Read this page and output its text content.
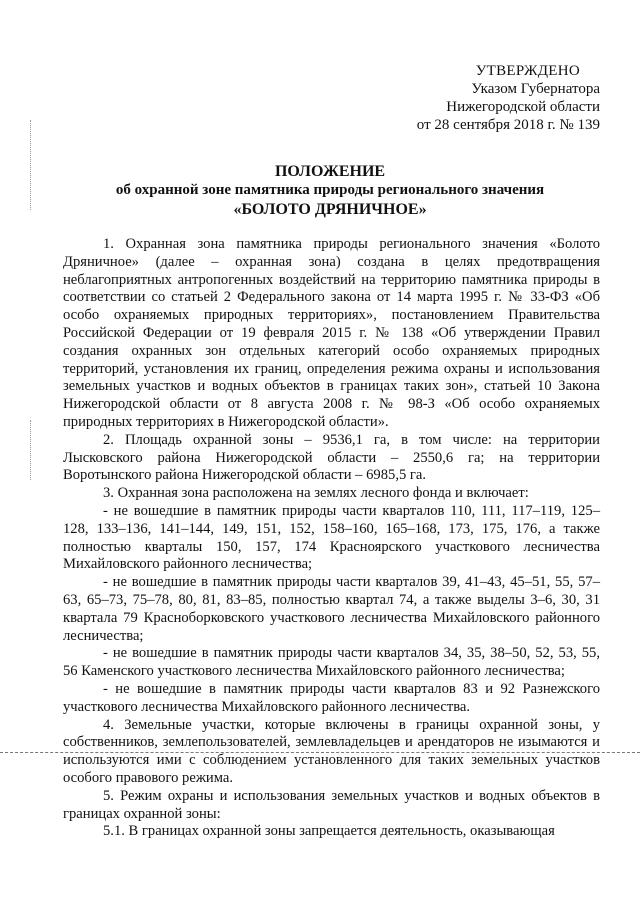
УТВЕРЖДЕНО
Указом Губернатора
Нижегородской области
от 28 сентября 2018 г. № 139
ПОЛОЖЕНИЕ
об охранной зоне памятника природы регионального значения
«БОЛОТО ДРЯНИЧНОЕ»

1. Охранная зона памятника природы регионального значения «Болото Дряничное» (далее – охранная зона) создана в целях предотвращения неблагоприятных антропогенных воздействий на территорию памятника природы в соответствии со статьей 2 Федерального закона от 14 марта 1995 г. № 33-ФЗ «Об особо охраняемых природных территориях», постановлением Правительства Российской Федерации от 19 февраля 2015 г. № 138 «Об утверждении Правил создания охранных зон отдельных категорий особо охраняемых природных территорий, установления их границ, определения режима охраны и использования земельных участков и водных объектов в границах таких зон», статьей 10 Закона Нижегородской области от 8 августа 2008 г. № 98-З «Об особо охраняемых природных территориях в Нижегородской области».

2. Площадь охранной зоны – 9536,1 га, в том числе: на территории Лысковского района Нижегородской области – 2550,6 га; на территории Воротынского района Нижегородской области – 6985,5 га.

3. Охранная зона расположена на землях лесного фонда и включает:

- не вошедшие в памятник природы части кварталов 110, 111, 117–119, 125–128, 133–136, 141–144, 149, 151, 152, 158–160, 165–168, 173, 175, 176, а также полностью кварталы 150, 157, 174 Красноярского участкового лесничества Михайловского районного лесничества;

- не вошедшие в памятник природы части кварталов 39, 41–43, 45–51, 55, 57–63, 65–73, 75–78, 80, 81, 83–85, полностью квартал 74, а также выделы 3–6, 30, 31 квартала 79 Красноборковского участкового лесничества Михайловского районного лесничества;

- не вошедшие в памятник природы части кварталов 34, 35, 38–50, 52, 53, 55, 56 Каменского участкового лесничества Михайловского районного лесничества;

- не вошедшие в памятник природы части кварталов 83 и 92 Разнежского участкового лесничества Михайловского районного лесничества.

4. Земельные участки, которые включены в границы охранной зоны, у собственников, землепользователей, землевладельцев и арендаторов не изымаются и используются ими с соблюдением установленного для таких земельных участков особого правового режима.

5. Режим охраны и использования земельных участков и водных объектов в границах охранной зоны:

5.1. В границах охранной зоны запрещается деятельность, оказывающая
